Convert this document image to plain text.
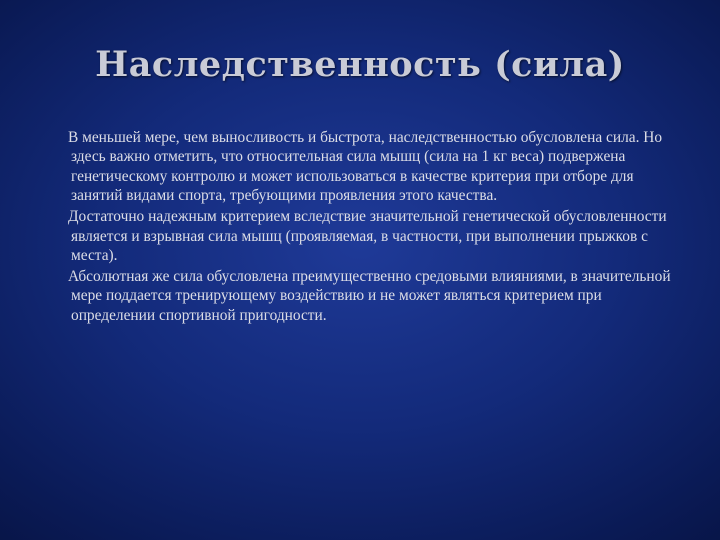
Наследственность (сила)

В меньшей мере, чем выносливость и быстрота, наследственностью обусловлена сила. Но здесь важно отметить, что относительная сила мышц (сила на 1 кг веса) подвержена генетическому контролю и может использоваться в качестве критерия при отборе для занятий видами спорта, требующими проявления этого качества.

Достаточно надежным критерием вследствие значительной генетической обусловленности является и взрывная сила мышц (проявляемая, в частности, при выполнении прыжков с места).

Абсолютная же сила обусловлена преимущественно средовыми влияниями, в значительной мере поддается тренирующему воздействию и не может являться критерием при определении спортивной пригодности.
